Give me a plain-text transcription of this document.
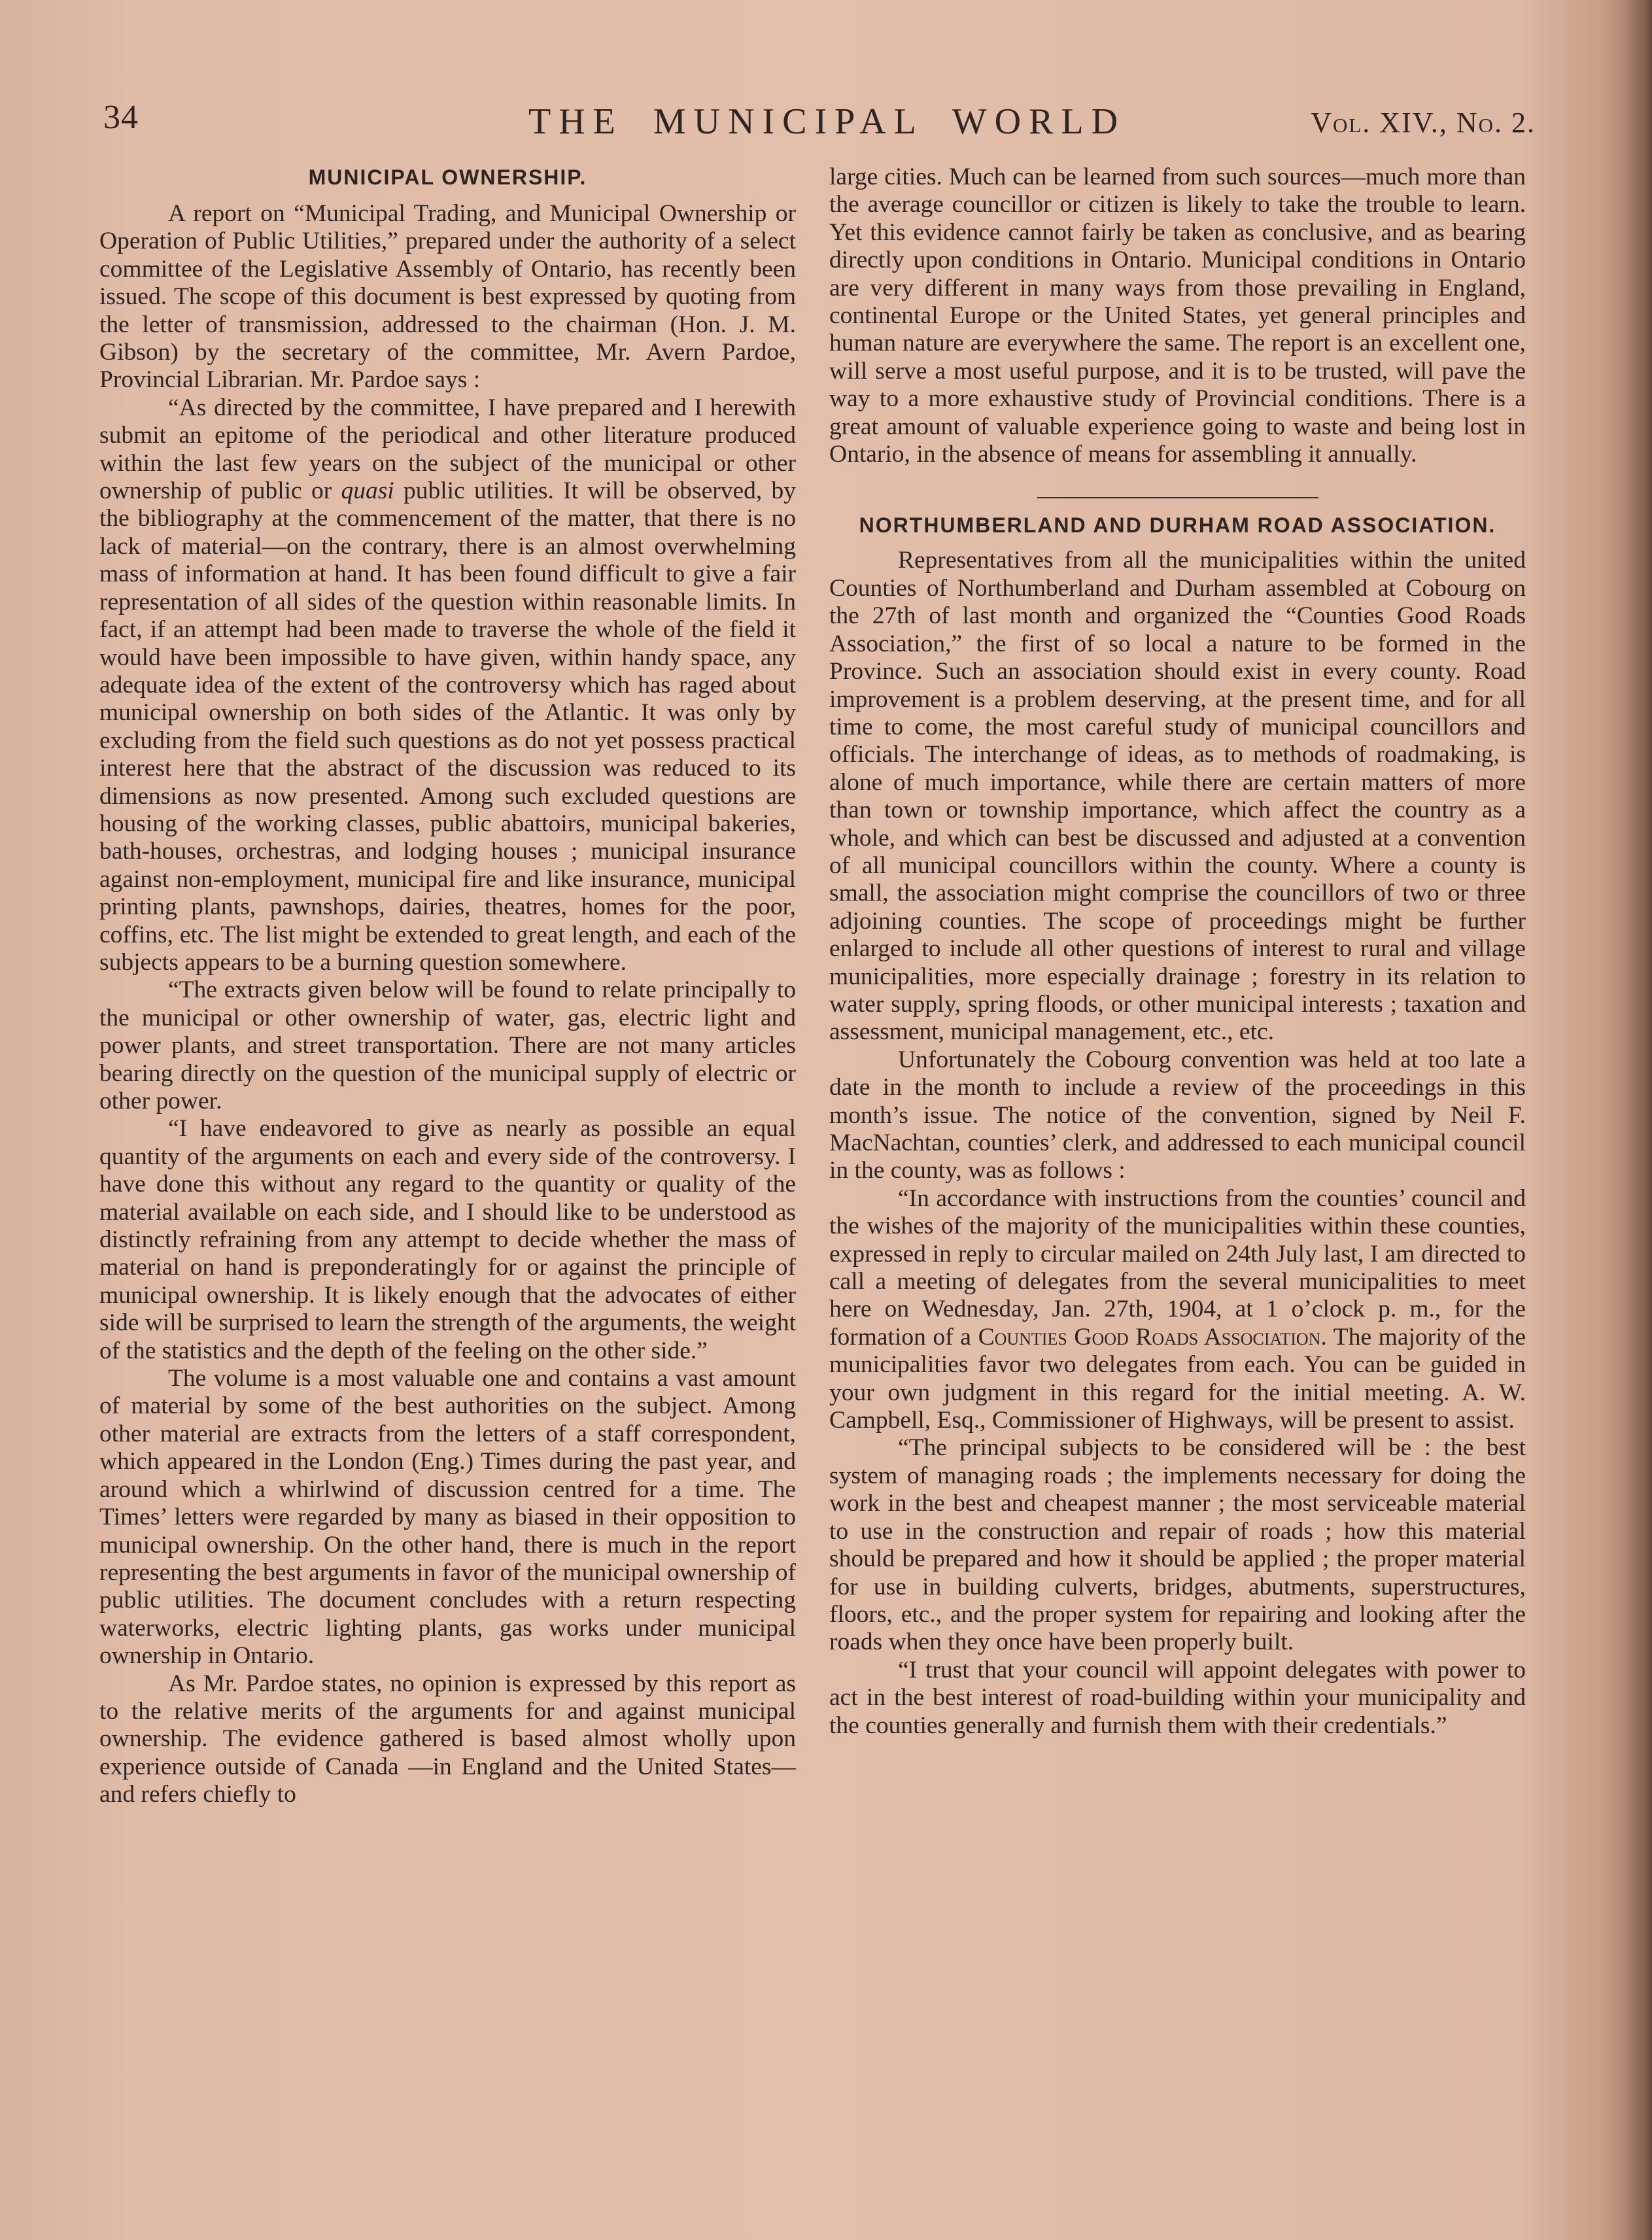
34	THE MUNICIPAL WORLD	Vol. XIV., No. 2.
MUNICIPAL OWNERSHIP.

A report on “Municipal Trading, and Municipal Ownership or Operation of Public Utilities,” prepared under the authority of a select committee of the Legislative Assembly of Ontario, has recently been issued. The scope of this document is best expressed by quoting from the letter of transmission, addressed to the chairman (Hon. J. M. Gibson) by the secretary of the committee, Mr. Avern Pardoe, Provincial Librarian. Mr. Pardoe says :

“As directed by the committee, I have prepared and I herewith submit an epitome of the periodical and other literature produced within the last few years on the subject of the municipal or other ownership of public or quasi public utilities. It will be observed, by the bibliography at the commencement of the matter, that there is no lack of material—on the contrary, there is an almost overwhelming mass of information at hand. It has been found difficult to give a fair representation of all sides of the question within reasonable limits. In fact, if an attempt had been made to traverse the whole of the field it would have been impossible to have given, within handy space, any adequate idea of the extent of the controversy which has raged about municipal ownership on both sides of the Atlantic. It was only by excluding from the field such questions as do not yet possess practical interest here that the abstract of the discussion was reduced to its dimensions as now presented. Among such excluded questions are housing of the working classes, public abattoirs, municipal bakeries, bath-houses, orchestras, and lodging houses ; municipal insurance against non-employment, municipal fire and like insurance, municipal printing plants, pawnshops, dairies, theatres, homes for the poor, coffins, etc. The list might be extended to great length, and each of the subjects appears to be a burning question somewhere.

“The extracts given below will be found to relate principally to the municipal or other ownership of water, gas, electric light and power plants, and street transportation. There are not many articles bearing directly on the question of the municipal supply of electric or other power.

“I have endeavored to give as nearly as possible an equal quantity of the arguments on each and every side of the controversy. I have done this without any regard to the quantity or quality of the material available on each side, and I should like to be understood as distinctly refraining from any attempt to decide whether the mass of material on hand is preponderatingly for or against the principle of municipal ownership. It is likely enough that the advocates of either side will be surprised to learn the strength of the arguments, the weight of the statistics and the depth of the feeling on the other side.”

The volume is a most valuable one and contains a vast amount of material by some of the best authorities on the subject. Among other material are extracts from the letters of a staff correspondent, which appeared in the London (Eng.) Times during the past year, and around which a whirlwind of discussion centred for a time. The Times’ letters were regarded by many as biased in their opposition to municipal ownership. On the other hand, there is much in the report representing the best arguments in favor of the municipal ownership of public utilities. The document concludes with a return respecting waterworks, electric lighting plants, gas works under municipal ownership in Ontario.

As Mr. Pardoe states, no opinion is expressed by this report as to the relative merits of the arguments for and against municipal ownership. The evidence gathered is based almost wholly upon experience outside of Canada —in England and the United States—and refers chiefly to

large cities. Much can be learned from such sources—much more than the average councillor or citizen is likely to take the trouble to learn. Yet this evidence cannot fairly be taken as conclusive, and as bearing directly upon conditions in Ontario. Municipal conditions in Ontario are very different in many ways from those prevailing in England, continental Europe or the United States, yet general principles and human nature are everywhere the same. The report is an excellent one, will serve a most useful purpose, and it is to be trusted, will pave the way to a more exhaustive study of Provincial conditions. There is a great amount of valuable experience going to waste and being lost in Ontario, in the absence of means for assembling it annually.

NORTHUMBERLAND AND DURHAM ROAD ASSOCIATION.

Representatives from all the municipalities within the united Counties of Northumberland and Durham assembled at Cobourg on the 27th of last month and organized the “Counties Good Roads Association,” the first of so local a nature to be formed in the Province. Such an association should exist in every county. Road improvement is a problem deserving, at the present time, and for all time to come, the most careful study of municipal councillors and officials. The interchange of ideas, as to methods of roadmaking, is alone of much importance, while there are certain matters of more than town or township importance, which affect the country as a whole, and which can best be discussed and adjusted at a convention of all municipal councillors within the county. Where a county is small, the association might comprise the councillors of two or three adjoining counties. The scope of proceedings might be further enlarged to include all other questions of interest to rural and village municipalities, more especially drainage ; forestry in its relation to water supply, spring floods, or other municipal interests ; taxation and assessment, municipal management, etc., etc.

Unfortunately the Cobourg convention was held at too late a date in the month to include a review of the proceedings in this month’s issue. The notice of the convention, signed by Neil F. MacNachtan, counties’ clerk, and addressed to each municipal council in the county, was as follows :

“In accordance with instructions from the counties’ council and the wishes of the majority of the municipalities within these counties, expressed in reply to circular mailed on 24th July last, I am directed to call a meeting of delegates from the several municipalities to meet here on Wednesday, Jan. 27th, 1904, at 1 o’clock p. m., for the formation of a Counties Good Roads Association. The majority of the municipalities favor two delegates from each. You can be guided in your own judgment in this regard for the initial meeting. A. W. Campbell, Esq., Commissioner of Highways, will be present to assist.

“The principal subjects to be considered will be : the best system of managing roads ; the implements necessary for doing the work in the best and cheapest manner ; the most serviceable material to use in the construction and repair of roads ; how this material should be prepared and how it should be applied ; the proper material for use in building culverts, bridges, abutments, superstructures, floors, etc., and the proper system for repairing and looking after the roads when they once have been properly built.

“I trust that your council will appoint delegates with power to act in the best interest of road-building within your municipality and the counties generally and furnish them with their credentials.”
